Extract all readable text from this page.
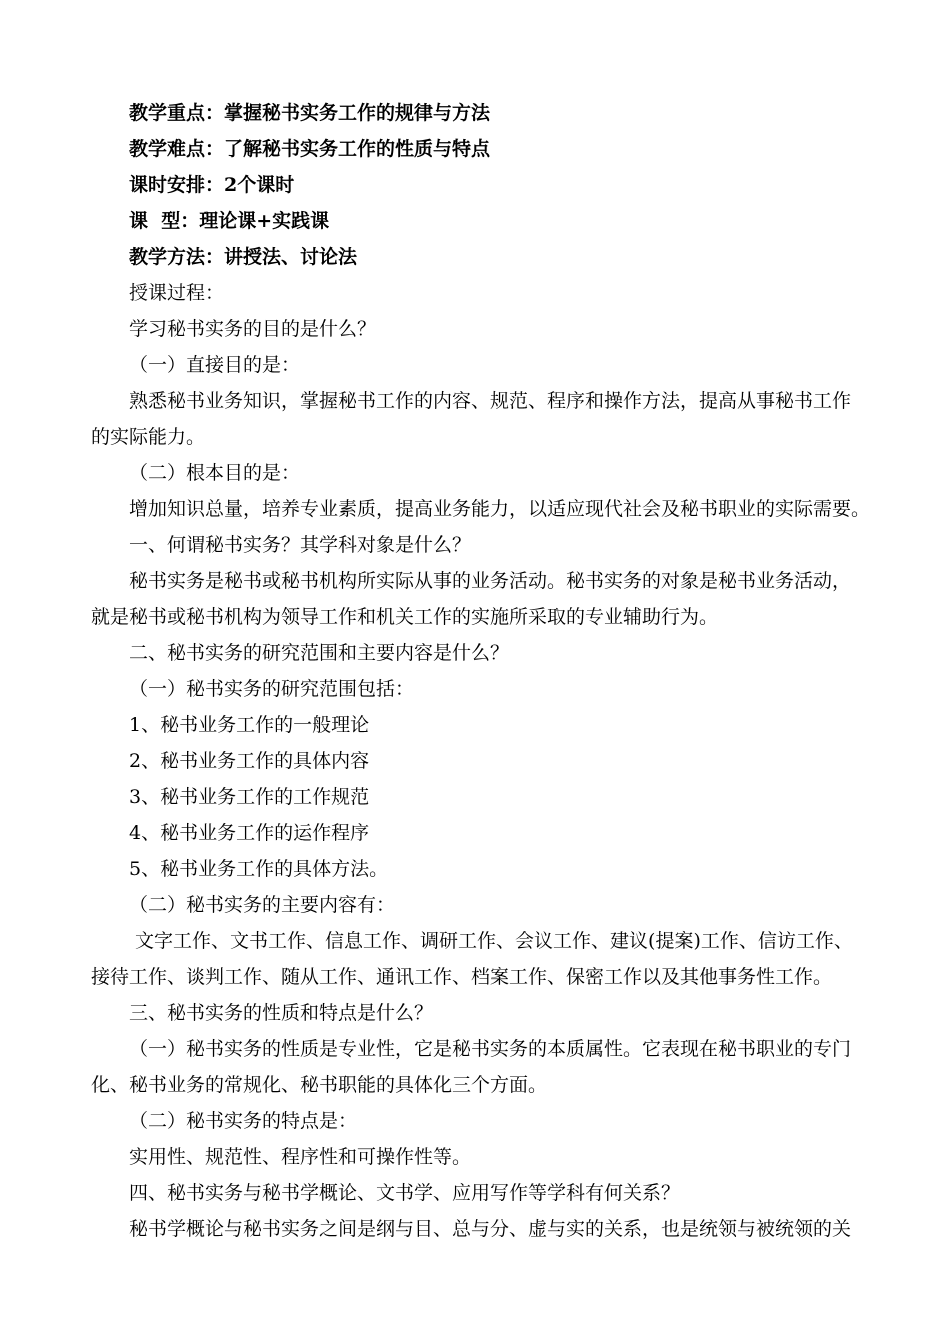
教学重点：掌握秘书实务工作的规律与方法
教学难点：了解秘书实务工作的性质与特点
课时安排：2个课时
课  型：理论课+实践课
教学方法：讲授法、讨论法
授课过程：
学习秘书实务的目的是什么？
（一）直接目的是：
熟悉秘书业务知识，掌握秘书工作的内容、规范、程序和操作方法，提高从事秘书工作
的实际能力。
（二）根本目的是：
增加知识总量，培养专业素质，提高业务能力，以适应现代社会及秘书职业的实际需要。
一、何谓秘书实务？其学科对象是什么？
秘书实务是秘书或秘书机构所实际从事的业务活动。秘书实务的对象是秘书业务活动，
就是秘书或秘书机构为领导工作和机关工作的实施所采取的专业辅助行为。
二、秘书实务的研究范围和主要内容是什么？
（一）秘书实务的研究范围包括：
1、秘书业务工作的一般理论
2、秘书业务工作的具体内容
3、秘书业务工作的工作规范
4、秘书业务工作的运作程序
5、秘书业务工作的具体方法。
（二）秘书实务的主要内容有：
文字工作、文书工作、信息工作、调研工作、会议工作、建议(提案)工作、信访工作、
接待工作、谈判工作、随从工作、通讯工作、档案工作、保密工作以及其他事务性工作。
三、秘书实务的性质和特点是什么？
（一）秘书实务的性质是专业性，它是秘书实务的本质属性。它表现在秘书职业的专门
化、秘书业务的常规化、秘书职能的具体化三个方面。
（二）秘书实务的特点是：
实用性、规范性、程序性和可操作性等。
四、秘书实务与秘书学概论、文书学、应用写作等学科有何关系？
秘书学概论与秘书实务之间是纲与目、总与分、虚与实的关系，也是统领与被统领的关
